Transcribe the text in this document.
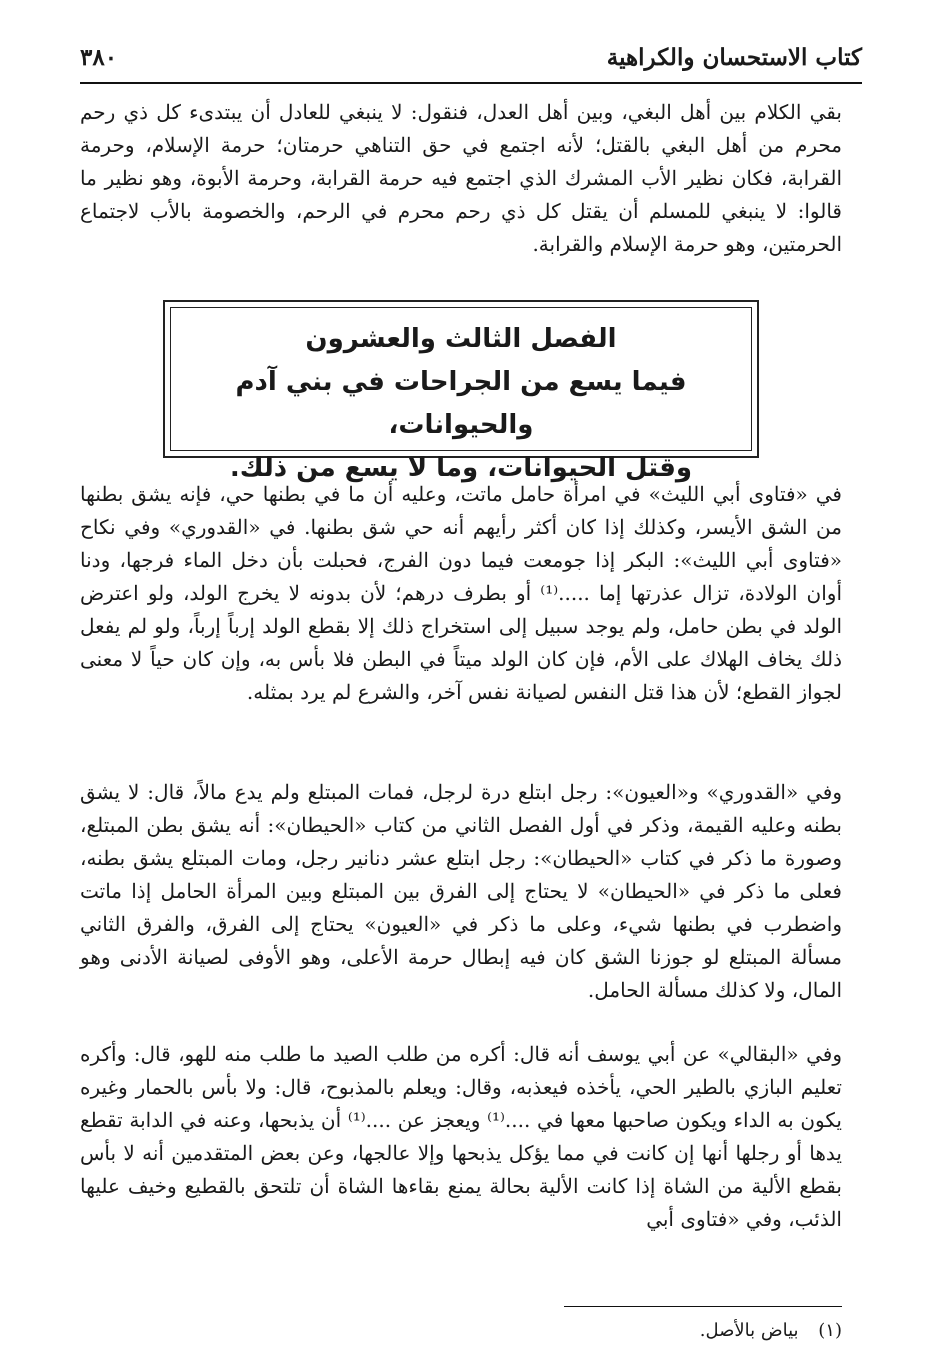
كتاب الاستحسان والكراهية
٣٨٠

بقي الكلام بين أهل البغي، وبين أهل العدل، فنقول: لا ينبغي للعادل أن يبتدىء كل ذي رحم محرم من أهل البغي بالقتل؛ لأنه اجتمع في حق التناهي حرمتان؛ حرمة الإسلام، وحرمة القرابة، فكان نظير الأب المشرك الذي اجتمع فيه حرمة القرابة، وحرمة الأبوة، وهو نظير ما قالوا: لا ينبغي للمسلم أن يقتل كل ذي رحم محرم في الرحم، والخصومة بالأب لاجتماع الحرمتين، وهو حرمة الإسلام والقرابة.

الفصل الثالث والعشرون
فيما يسع من الجراحات في بني آدم والحيوانات،
وقتل الحيوانات، وما لا يسع من ذلك.

في «فتاوى أبي الليث» في امرأة حامل ماتت، وعليه أن ما في بطنها حي، فإنه يشق بطنها من الشق الأيسر، وكذلك إذا كان أكثر رأيهم أنه حي شق بطنها. في «القدوري» وفي نكاح «فتاوى أبي الليث»: البكر إذا جومعت فيما دون الفرج، فحبلت بأن دخل الماء فرجها، ودنا أوان الولادة، تزال عذرتها إما .....⁽¹⁾ أو بطرف درهم؛ لأن بدونه لا يخرج الولد، ولو اعترض الولد في بطن حامل، ولم يوجد سبيل إلى استخراج ذلك إلا بقطع الولد إرباً إرباً، ولو لم يفعل ذلك يخاف الهلاك على الأم، فإن كان الولد ميتاً في البطن فلا بأس به، وإن كان حياً لا معنى لجواز القطع؛ لأن هذا قتل النفس لصيانة نفس آخر، والشرع لم يرد بمثله.

وفي «القدوري» و«العيون»: رجل ابتلع درة لرجل، فمات المبتلع ولم يدع مالاً، قال: لا يشق بطنه وعليه القيمة، وذكر في أول الفصل الثاني من كتاب «الحيطان»: أنه يشق بطن المبتلع، وصورة ما ذكر في كتاب «الحيطان»: رجل ابتلع عشر دنانير رجل، ومات المبتلع يشق بطنه، فعلى ما ذكر في «الحيطان» لا يحتاج إلى الفرق بين المبتلع وبين المرأة الحامل إذا ماتت واضطرب في بطنها شيء، وعلى ما ذكر في «العيون» يحتاج إلى الفرق، والفرق الثاني مسألة المبتلع لو جوزنا الشق كان فيه إبطال حرمة الأعلى، وهو الأوفى لصيانة الأدنى وهو المال، ولا كذلك مسألة الحامل.

وفي «البقالي» عن أبي يوسف أنه قال: أكره من طلب الصيد ما طلب منه للهو، قال: وأكره تعليم البازي بالطير الحي، يأخذه فيعذبه، وقال: ويعلم بالمذبوح، قال: ولا بأس بالحمار وغيره يكون به الداء ويكون صاحبها معها في ....⁽¹⁾ ويعجز عن ....⁽¹⁾ أن يذبحها، وعنه في الدابة تقطع يدها أو رجلها أنها إن كانت في مما يؤكل يذبحها وإلا عالجها، وعن بعض المتقدمين أنه لا بأس بقطع الألية من الشاة إذا كانت الألية بحالة يمنع بقاءها الشاة أن تلتحق بالقطيع وخيف عليها الذئب، وفي «فتاوى أبي

(١) بياض بالأصل.
